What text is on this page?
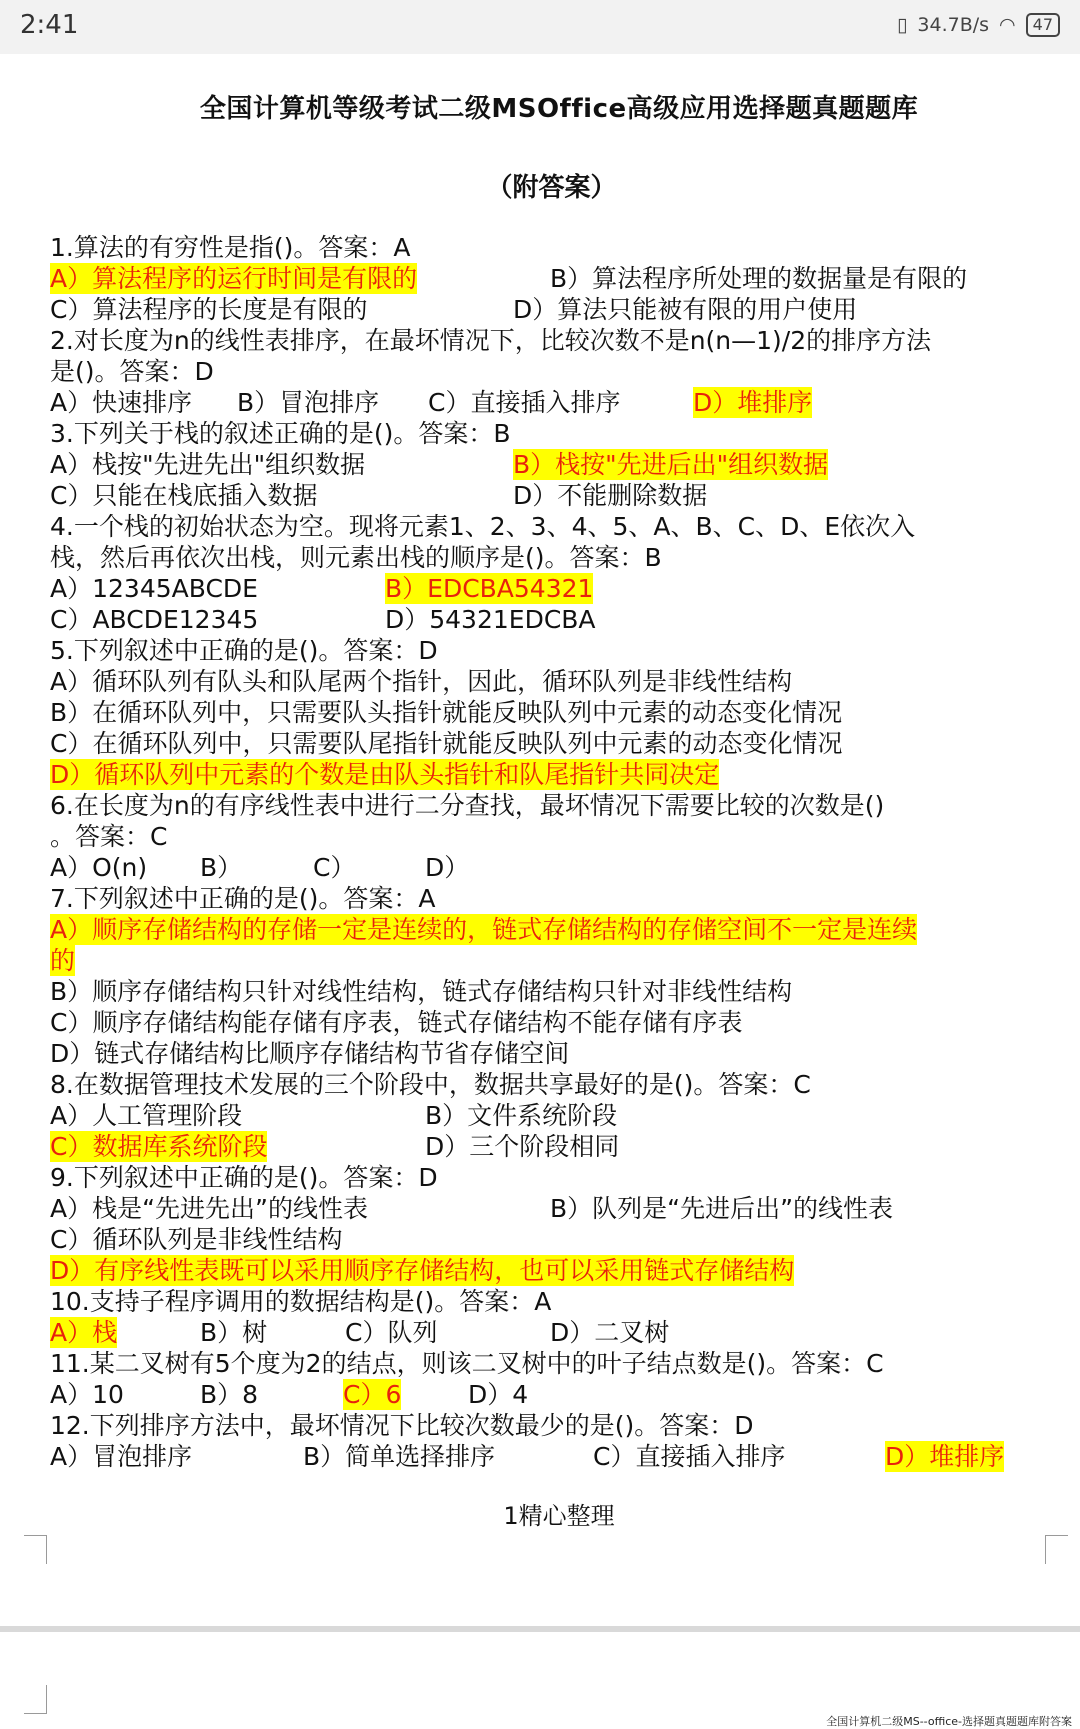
2:41	▯ 34.7B/s ◠	47
全国计算机等级考试二级MSOffice高级应用选择题真题题库
（附答案）
1.算法的有穷性是指()。答案：A
A）算法程序的运行时间是有限的	B）算法程序所处理的数据量是有限的
C）算法程序的长度是有限的	D）算法只能被有限的用户使用
2.对长度为n的线性表排序，在最坏情况下，比较次数不是n(n—1)/2的排序方法
是()。答案：D
A）快速排序 B）冒泡排序 C）直接插入排序	D）堆排序
3.下列关于栈的叙述正确的是()。答案：B
A）栈按"先进先出"组织数据	B）栈按"先进后出"组织数据
C）只能在栈底插入数据	D）不能删除数据
4.一个栈的初始状态为空。现将元素1、2、3、4、5、A、B、C、D、E依次入
栈，然后再依次出栈，则元素出栈的顺序是()。答案：B
A）12345ABCDE	B）EDCBA54321
C）ABCDE12345	D）54321EDCBA
5.下列叙述中正确的是()。答案：D
A）循环队列有队头和队尾两个指针，因此，循环队列是非线性结构
B）在循环队列中，只需要队头指针就能反映队列中元素的动态变化情况
C）在循环队列中，只需要队尾指针就能反映队列中元素的动态变化情况
D）循环队列中元素的个数是由队头指针和队尾指针共同决定
6.在长度为n的有序线性表中进行二分查找，最坏情况下需要比较的次数是()
。答案：C
A）O(n) B）	C）	D）
7.下列叙述中正确的是()。答案：A
A）顺序存储结构的存储一定是连续的，链式存储结构的存储空间不一定是连续
的
B）顺序存储结构只针对线性结构，链式存储结构只针对非线性结构
C）顺序存储结构能存储有序表，链式存储结构不能存储有序表
D）链式存储结构比顺序存储结构节省存储空间
8.在数据管理技术发展的三个阶段中，数据共享最好的是()。答案：C
A）人工管理阶段	B）文件系统阶段
C）数据库系统阶段	D）三个阶段相同
9.下列叙述中正确的是()。答案：D
A）栈是“先进先出”的线性表	B）队列是“先进后出”的线性表
C）循环队列是非线性结构
D）有序线性表既可以采用顺序存储结构，也可以采用链式存储结构
10.支持子程序调用的数据结构是()。答案：A
A）栈	B）树	C）队列	D）二叉树
11.某二叉树有5个度为2的结点，则该二叉树中的叶子结点数是()。答案：C
A）10	B）8	C）6	D）4
12.下列排序方法中，最坏情况下比较次数最少的是()。答案：D
A）冒泡排序	B）简单选择排序	C）直接插入排序	D）堆排序
1精心整理
全国计算机二级MS--office-选择题真题题库附答案
